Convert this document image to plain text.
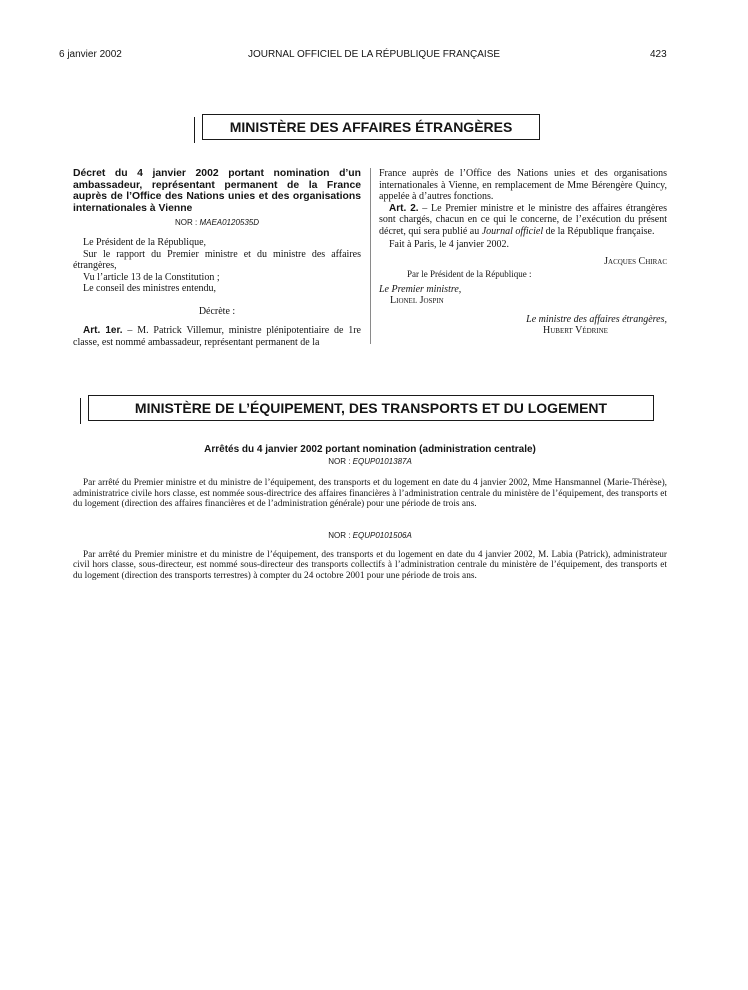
6 janvier 2002	JOURNAL OFFICIEL DE LA RÉPUBLIQUE FRANÇAISE	423
MINISTÈRE DES AFFAIRES ÉTRANGÈRES

Décret du 4 janvier 2002 portant nomination d’un ambassadeur, représentant permanent de la France auprès de l’Office des Nations unies et des organisations internationales à Vienne

NOR : MAEA0120535D

Le Président de la République,

Sur le rapport du Premier ministre et du ministre des affaires étrangères,

Vu l’article 13 de la Constitution ;

Le conseil des ministres entendu,

Décrète :

Art. 1er. – M. Patrick Villemur, ministre plénipotentiaire de 1re classe, est nommé ambassadeur, représentant permanent de la

France auprès de l’Office des Nations unies et des organisations internationales à Vienne, en remplacement de Mme Bérengère Quincy, appelée à d’autres fonctions.

Art. 2. – Le Premier ministre et le ministre des affaires étrangères sont chargés, chacun en ce qui le concerne, de l’exécution du présent décret, qui sera publié au Journal officiel de la République française.

Fait à Paris, le 4 janvier 2002.

Jacques Chirac
Par le Président de la République :
Le Premier ministre,
Lionel Jospin
Le ministre des affaires étrangères,
Hubert Védrine
MINISTÈRE DE L’ÉQUIPEMENT, DES TRANSPORTS ET DU LOGEMENT
Arrêtés du 4 janvier 2002 portant nomination (administration centrale)
NOR : EQUP0101387A

Par arrêté du Premier ministre et du ministre de l’équipement, des transports et du logement en date du 4 janvier 2002, Mme Hansmannel (Marie-Thérèse), administratrice civile hors classe, est nommée sous-directrice des affaires financières à l’administration centrale du ministère de l’équipement, des transports et du logement (direction des affaires financières et de l’administration générale) pour une période de trois ans.

NOR : EQUP0101506A

Par arrêté du Premier ministre et du ministre de l’équipement, des transports et du logement en date du 4 janvier 2002, M. Labia (Patrick), administrateur civil hors classe, sous-directeur, est nommé sous-directeur des transports collectifs à l’administration centrale du ministère de l’équipement, des transports et du logement (direction des transports terrestres) à compter du 24 octobre 2001 pour une période de trois ans.
